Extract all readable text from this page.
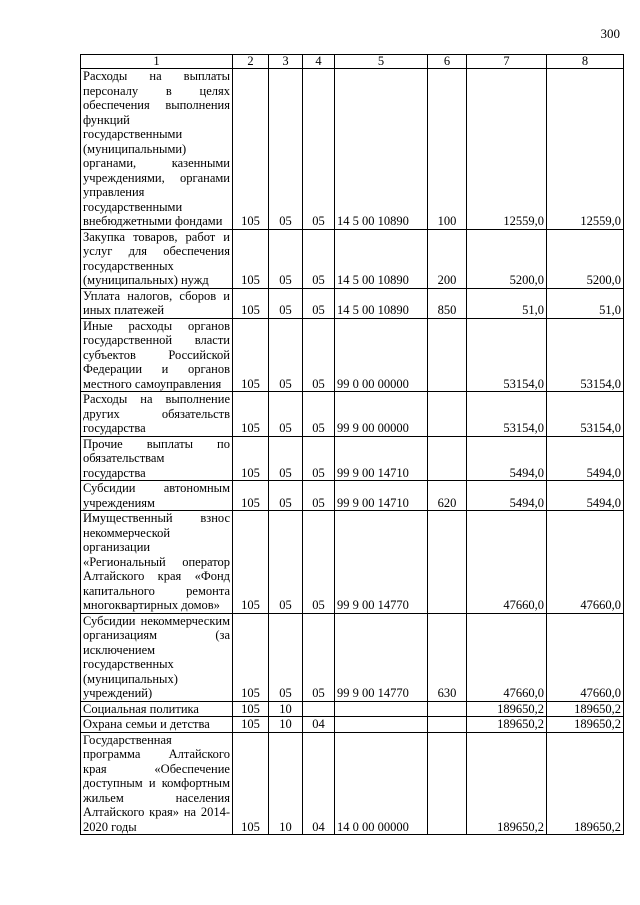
300
1	2	3	4	5	6	7	8
Расходы на выплаты персоналу в целях обеспечения выполнения функций государственными (муниципальными) органами, казенными учреждениями, органами управления государственными внебюджетными фондами	105	05	05	14 5 00 10890	100	12559,0	12559,0
Закупка товаров, работ и услуг для обеспечения государственных (муниципальных) нужд	105	05	05	14 5 00 10890	200	5200,0	5200,0
Уплата налогов, сборов и иных платежей	105	05	05	14 5 00 10890	850	51,0	51,0
Иные расходы органов государственной власти субъектов Российской Федерации и органов местного самоуправления	105	05	05	99 0 00 00000		53154,0	53154,0
Расходы на выполнение других обязательств государства	105	05	05	99 9 00 00000		53154,0	53154,0
Прочие выплаты по обязательствам государства	105	05	05	99 9 00 14710		5494,0	5494,0
Субсидии автономным учреждениям	105	05	05	99 9 00 14710	620	5494,0	5494,0
Имущественный взнос некоммерческой организации «Региональный оператор Алтайского края «Фонд капитального ремонта многоквартирных домов»	105	05	05	99 9 00 14770		47660,0	47660,0
Субсидии некоммерческим организациям (за исключением государственных (муниципальных) учреждений)	105	05	05	99 9 00 14770	630	47660,0	47660,0
Социальная политика	105	10				189650,2	189650,2
Охрана семьи и детства	105	10	04			189650,2	189650,2
Государственная программа Алтайского края «Обеспечение доступным и комфортным жильем населения Алтайского края» на 2014-2020 годы	105	10	04	14 0 00 00000		189650,2	189650,2
